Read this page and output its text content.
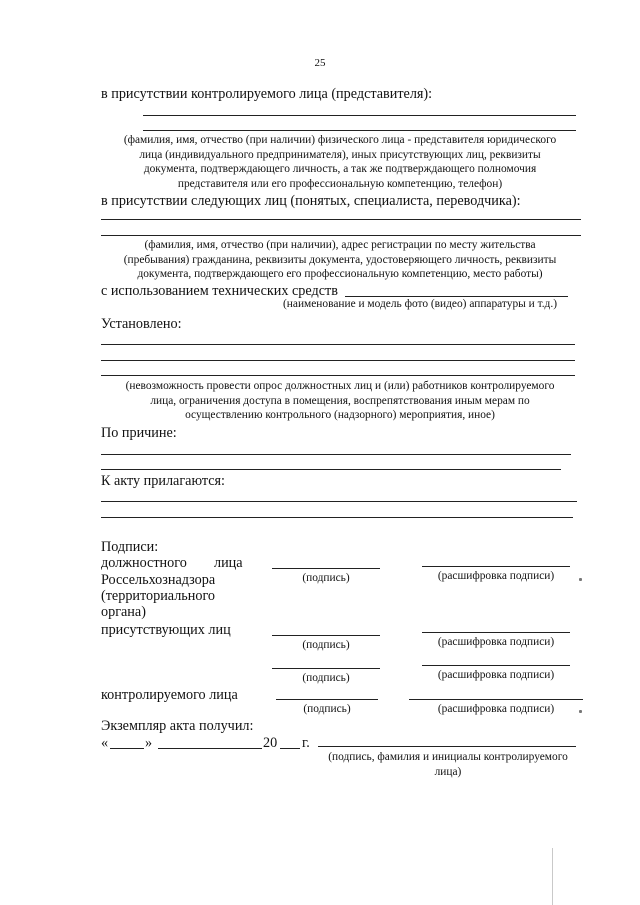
25
в присутствии контролируемого лица (представителя):
(фамилия, имя, отчество (при наличии) физического лица - представителя юридического
лица (индивидуального предпринимателя), иных присутствующих лиц, реквизиты
документа, подтверждающего личность, а так же подтверждающего полномочия
представителя или его профессиональную компетенцию, телефон)
в присутствии следующих лиц (понятых, специалиста, переводчика):
(фамилия, имя, отчество (при наличии), адрес регистрации по месту жительства
(пребывания) гражданина, реквизиты документа, удостоверяющего личность, реквизиты
документа, подтверждающего его профессиональную компетенцию, место работы)
с использованием технических средств
(наименование и модель фото (видео) аппаратуры и т.д.)
Установлено:
(невозможность провести опрос должностных лиц и (или) работников контролируемого
лица, ограничения доступа в помещения, воспрепятствования иным мерам по
осуществлению контрольного (надзорного) мероприятия, иное)
По причине:
К акту прилагаются:
Подписи:
должностного лица
Россельхознадзора
(территориального
органа)
(подпись)	(расшифровка подписи)
присутствующих лиц
(подпись)	(расшифровка подписи)
(подпись)	(расшифровка подписи)
контролируемого лица
(подпись)	(расшифровка подписи)
Экземпляр акта получил:
«	»	20 г.
(подпись, фамилия и инициалы контролируемого
лица)
